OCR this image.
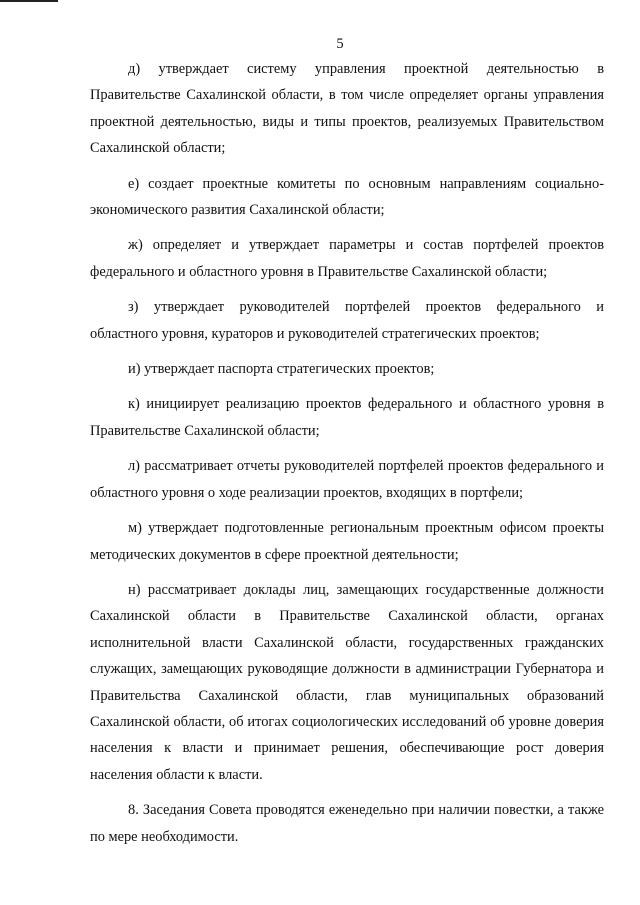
5

д) утверждает систему управления проектной деятельностью в Правительстве Сахалинской области, в том числе определяет органы управления проектной деятельностью, виды и типы проектов, реализуемых Правительством Сахалинской области;

е) создает проектные комитеты по основным направлениям социально-экономического развития Сахалинской области;

ж) определяет и утверждает параметры и состав портфелей проектов федерального и областного уровня в Правительстве Сахалинской области;

з) утверждает руководителей портфелей проектов федерального и областного уровня, кураторов и руководителей стратегических проектов;

и) утверждает паспорта стратегических проектов;

к) инициирует реализацию проектов федерального и областного уровня в Правительстве Сахалинской области;

л) рассматривает отчеты руководителей портфелей проектов федерального и областного уровня о ходе реализации проектов, входящих в портфели;

м) утверждает подготовленные региональным проектным офисом проекты методических документов в сфере проектной деятельности;

н) рассматривает доклады лиц, замещающих государственные должности Сахалинской области в Правительстве Сахалинской области, органах исполнительной власти Сахалинской области, государственных гражданских служащих, замещающих руководящие должности в администрации Губернатора и Правительства Сахалинской области, глав муниципальных образований Сахалинской области, об итогах социологических исследований об уровне доверия населения к власти и принимает решения, обеспечивающие рост доверия населения области к власти.

8. Заседания Совета проводятся еженедельно при наличии повестки, а также по мере необходимости.
